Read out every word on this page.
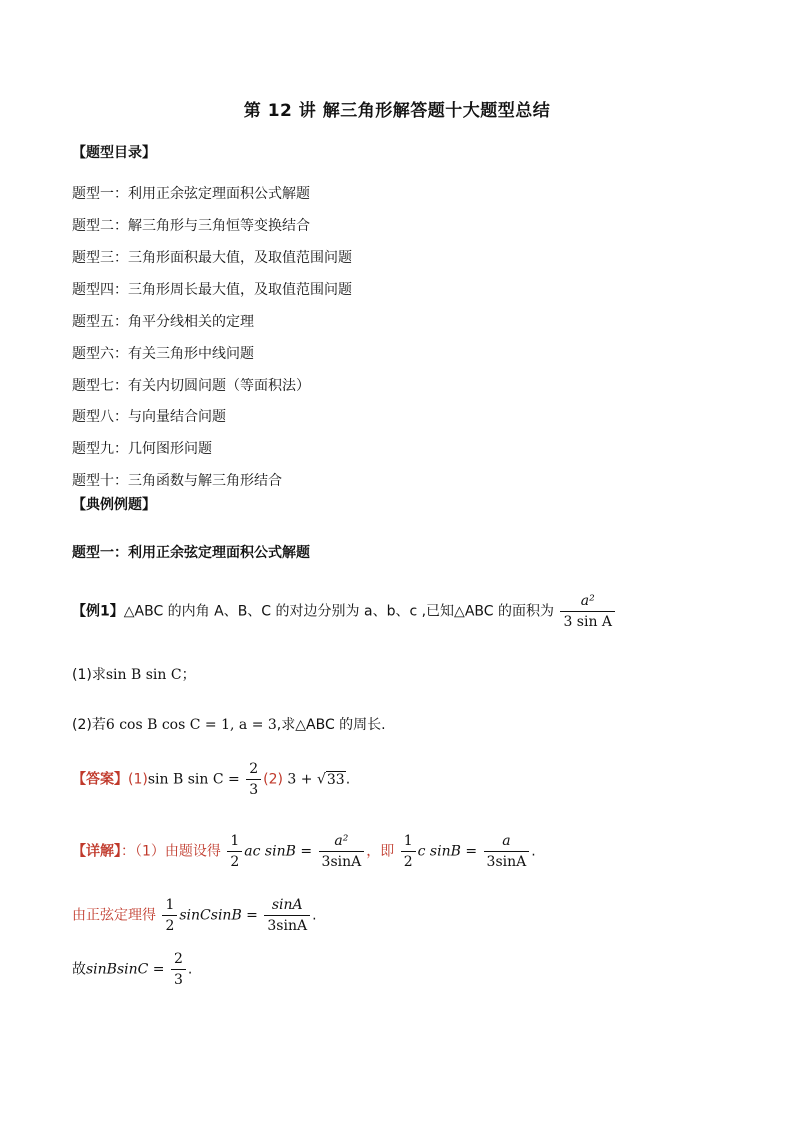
第 12 讲 解三角形解答题十大题型总结
【题型目录】
题型一：利用正余弦定理面积公式解题
题型二：解三角形与三角恒等变换结合
题型三：三角形面积最大值，及取值范围问题
题型四：三角形周长最大值，及取值范围问题
题型五：角平分线相关的定理
题型六：有关三角形中线问题
题型七：有关内切圆问题（等面积法）
题型八：与向量结合问题
题型九：几何图形问题
题型十：三角函数与解三角形结合
【典例例题】
题型一：利用正余弦定理面积公式解题
【例1】△ABC 的内角 A、B、C 的对边分别为 a、b、c ,已知△ABC 的面积为 $\frac{\text{a²}}{\text{3 sin A}}$
(1)求sin B sin C；
(2)若6 cos B cos C = 1, a = 3,求△ABC 的周长.
【答案】(1)sin B $\sin C = \frac{2}{3} (2) 3 + √33$.
【详解】：（1）由题设得 $\frac{1}{2}$ ac $\sin B = \frac{\text{a²}}{3\sin A}$ ，即 $\frac{1}{2}$ c $\sin B = \frac{a}{3\sin A}$ .
由正弦定理得 $\frac{1}{2}$ sinCsinB = $\frac{\sin A}{3\sin A}$ .
故sinBsinC = $\frac{2}{3}$ .
